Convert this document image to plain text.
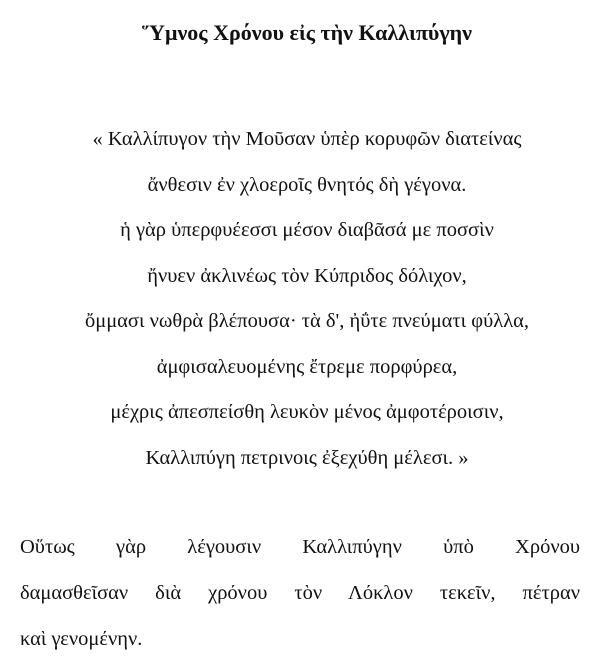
Ὕμνος Χρόνου εἰς τὴν Καλλιπύγην
« Καλλίπυγον τὴν Μοῦσαν ὑπὲρ κορυφῶν διατείνας
ἄνθεσιν ἐν χλοεροῖς θνητός δὴ γέγονα.
ἡ γὰρ ὑπερφυέεσσι μέσον διαβᾶσά με ποσσὶν
ἤνυεν ἀκλινέως τὸν Κύπριδος δόλιχον,
ὄμμασι νωθρὰ βλέπουσα· τὰ δ', ἠΰτε πνεύματι φύλλα,
ἀμφισαλευομένης ἔτρεμε πορφύρεα,
μέχρις ἀπεσπείσθη λευκὸν μένος ἀμφοτέροισιν,
Καλλιπύγη πετρινοις ἐξεχύθη μέλεσι. »
Οὕτως γὰρ λέγουσιν Καλλιπύγην ὑπὸ Χρόνου
δαμασθεῖσαν διὰ χρόνου τὸν Λόκλον τεκεῖν, πέτραν
καὶ γενομένην.
